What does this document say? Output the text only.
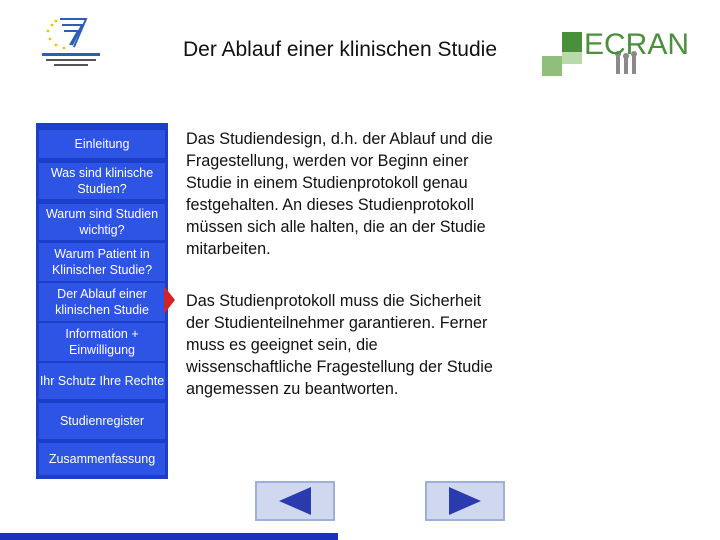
Der Ablauf einer klinischen Studie	ECRAN
Einleitung
Was sind klinische Studien?
Warum sind Studien wichtig?
Warum Patient in Klinischer Studie?
Der Ablauf einer klinischen Studie
Information + Einwilligung
Ihr Schutz Ihre Rechte
Studienregister
Zusammenfassung
Das Studiendesign, d.h. der Ablauf und die Fragestellung, werden vor Beginn einer Studie in einem Studienprotokoll genau festgehalten. An dieses Studienprotokoll müssen sich alle halten, die an der Studie mitarbeiten.
Das Studienprotokoll muss die Sicherheit der Studienteilnehmer garantieren. Ferner muss es geeignet sein, die wissenschaftliche Fragestellung der Studie angemessen zu beantworten.
